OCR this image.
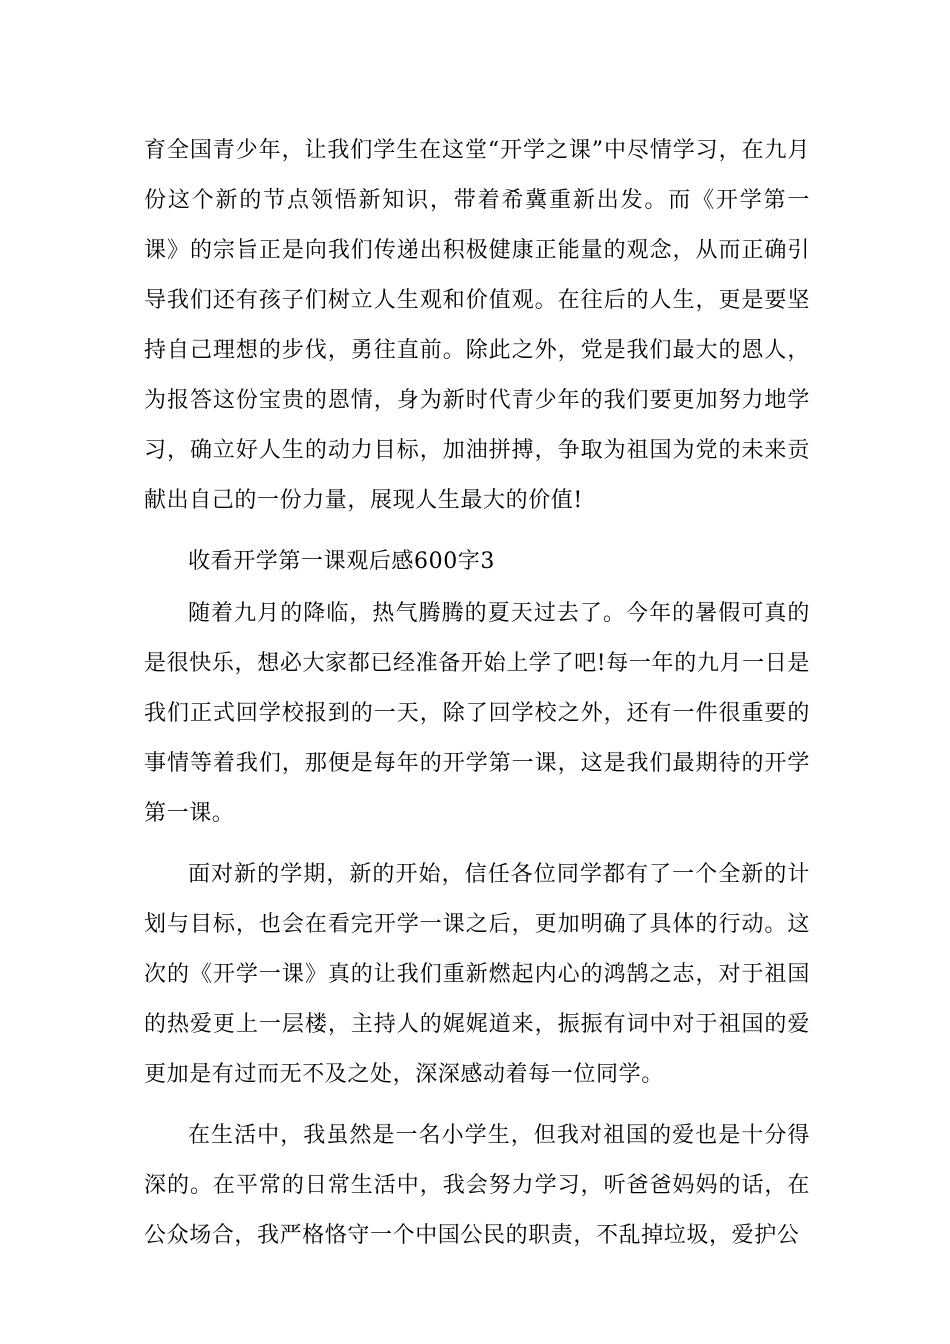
育全国青少年，让我们学生在这堂“开学之课”中尽情学习，在九月份这个新的节点领悟新知识，带着希冀重新出发。而《开学第一课》的宗旨正是向我们传递出积极健康正能量的观念，从而正确引导我们还有孩子们树立人生观和价值观。在往后的人生，更是要坚持自己理想的步伐，勇往直前。除此之外，党是我们最大的恩人，为报答这份宝贵的恩情，身为新时代青少年的我们要更加努力地学习，确立好人生的动力目标，加油拼搏，争取为祖国为党的未来贡献出自己的一份力量，展现人生最大的价值!

收看开学第一课观后感600字3

随着九月的降临，热气腾腾的夏天过去了。今年的暑假可真的是很快乐，想必大家都已经准备开始上学了吧!每一年的九月一日是我们正式回学校报到的一天，除了回学校之外，还有一件很重要的事情等着我们，那便是每年的开学第一课，这是我们最期待的开学第一课。

面对新的学期，新的开始，信任各位同学都有了一个全新的计划与目标，也会在看完开学一课之后，更加明确了具体的行动。这次的《开学一课》真的让我们重新燃起内心的鸿鹄之志，对于祖国的热爱更上一层楼，主持人的娓娓道来，振振有词中对于祖国的爱更加是有过而无不及之处，深深感动着每一位同学。

在生活中，我虽然是一名小学生，但我对祖国的爱也是十分得深的。在平常的日常生活中，我会努力学习，听爸爸妈妈的话，在公众场合，我严格恪守一个中国公民的职责，不乱掉垃圾，爱护公
